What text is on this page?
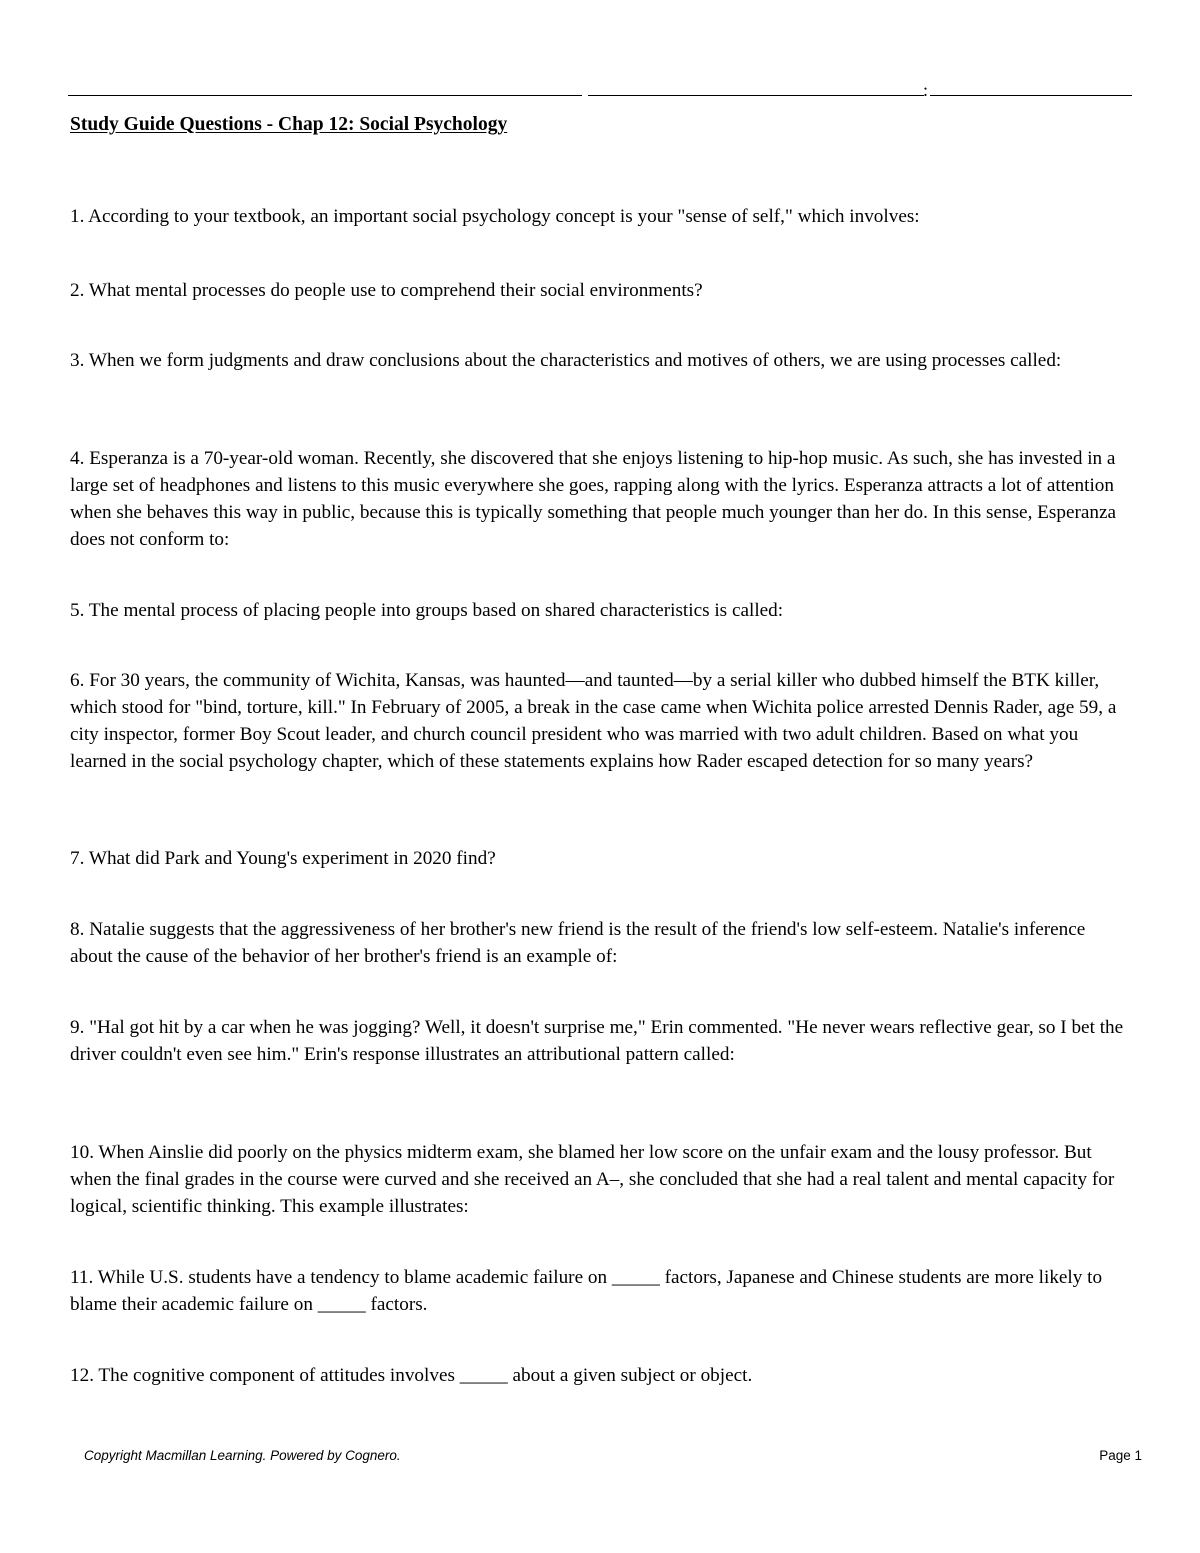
:
Study Guide Questions - Chap 12: Social Psychology

1. According to your textbook, an important social psychology concept is your "sense of self," which involves:

2. What mental processes do people use to comprehend their social environments?

3. When we form judgments and draw conclusions about the characteristics and motives of others, we are using processes called:

4. Esperanza is a 70-year-old woman. Recently, she discovered that she enjoys listening to hip-hop music. As such, she has invested in a large set of headphones and listens to this music everywhere she goes, rapping along with the lyrics. Esperanza attracts a lot of attention when she behaves this way in public, because this is typically something that people much younger than her do. In this sense, Esperanza does not conform to:

5. The mental process of placing people into groups based on shared characteristics is called:

6. For 30 years, the community of Wichita, Kansas, was haunted—and taunted—by a serial killer who dubbed himself the BTK killer, which stood for "bind, torture, kill." In February of 2005, a break in the case came when Wichita police arrested Dennis Rader, age 59, a city inspector, former Boy Scout leader, and church council president who was married with two adult children. Based on what you learned in the social psychology chapter, which of these statements explains how Rader escaped detection for so many years?

7. What did Park and Young's experiment in 2020 find?

8. Natalie suggests that the aggressiveness of her brother's new friend is the result of the friend's low self-esteem. Natalie's inference about the cause of the behavior of her brother's friend is an example of:

9. "Hal got hit by a car when he was jogging? Well, it doesn't surprise me," Erin commented. "He never wears reflective gear, so I bet the driver couldn't even see him." Erin's response illustrates an attributional pattern called:

10. When Ainslie did poorly on the physics midterm exam, she blamed her low score on the unfair exam and the lousy professor. But when the final grades in the course were curved and she received an A–, she concluded that she had a real talent and mental capacity for logical, scientific thinking. This example illustrates:

11. While U.S. students have a tendency to blame academic failure on _____ factors, Japanese and Chinese students are more likely to blame their academic failure on _____ factors.

12. The cognitive component of attitudes involves _____ about a given subject or object.

Copyright Macmillan Learning. Powered by Cognero.	Page 1
